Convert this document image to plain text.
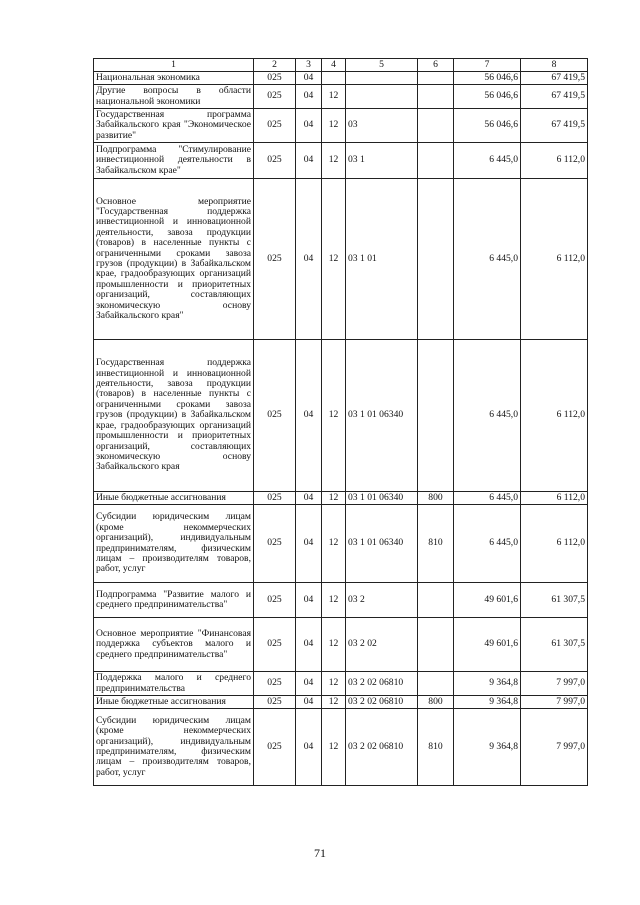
1	2	3	4	5	6	7	8
Национальная экономика	025	04				56 046,6	67 419,5
Другие вопросы в области национальной экономики	025	04	12			56 046,6	67 419,5
Государственная программа Забайкальского края "Экономическое развитие"	025	04	12	03		56 046,6	67 419,5
Подпрограмма "Стимулирование инвестиционной деятельности в Забайкальском крае"	025	04	12	03 1		6 445,0	6 112,0
Основное мероприятие "Государственная поддержка инвестиционной и инновационной деятельности, завоза продукции (товаров) в населенные пункты с ограниченными сроками завоза грузов (продукции) в Забайкальском крае, градообразующих организаций промышленности и приоритетных организаций, составляющих экономическую основу Забайкальского края"	025	04	12	03 1 01		6 445,0	6 112,0
Государственная поддержка инвестиционной и инновационной деятельности, завоза продукции (товаров) в населенные пункты с ограниченными сроками завоза грузов (продукции) в Забайкальском крае, градообразующих организаций промышленности и приоритетных организаций, составляющих экономическую основу Забайкальского края	025	04	12	03 1 01 06340		6 445,0	6 112,0
Иные бюджетные ассигнования	025	04	12	03 1 01 06340	800	6 445,0	6 112,0
Субсидии юридическим лицам (кроме некоммерческих организаций), индивидуальным предпринимателям, физическим лицам – производителям товаров, работ, услуг	025	04	12	03 1 01 06340	810	6 445,0	6 112,0
Подпрограмма "Развитие малого и среднего предпринимательства"	025	04	12	03 2		49 601,6	61 307,5
Основное мероприятие "Финансовая поддержка субъектов малого и среднего предпринимательства"	025	04	12	03 2 02		49 601,6	61 307,5
Поддержка малого и среднего предпринимательства	025	04	12	03 2 02 06810		9 364,8	7 997,0
Иные бюджетные ассигнования	025	04	12	03 2 02 06810	800	9 364,8	7 997,0
Субсидии юридическим лицам (кроме некоммерческих организаций), индивидуальным предпринимателям, физическим лицам – производителям товаров, работ, услуг	025	04	12	03 2 02 06810	810	9 364,8	7 997,0
71
